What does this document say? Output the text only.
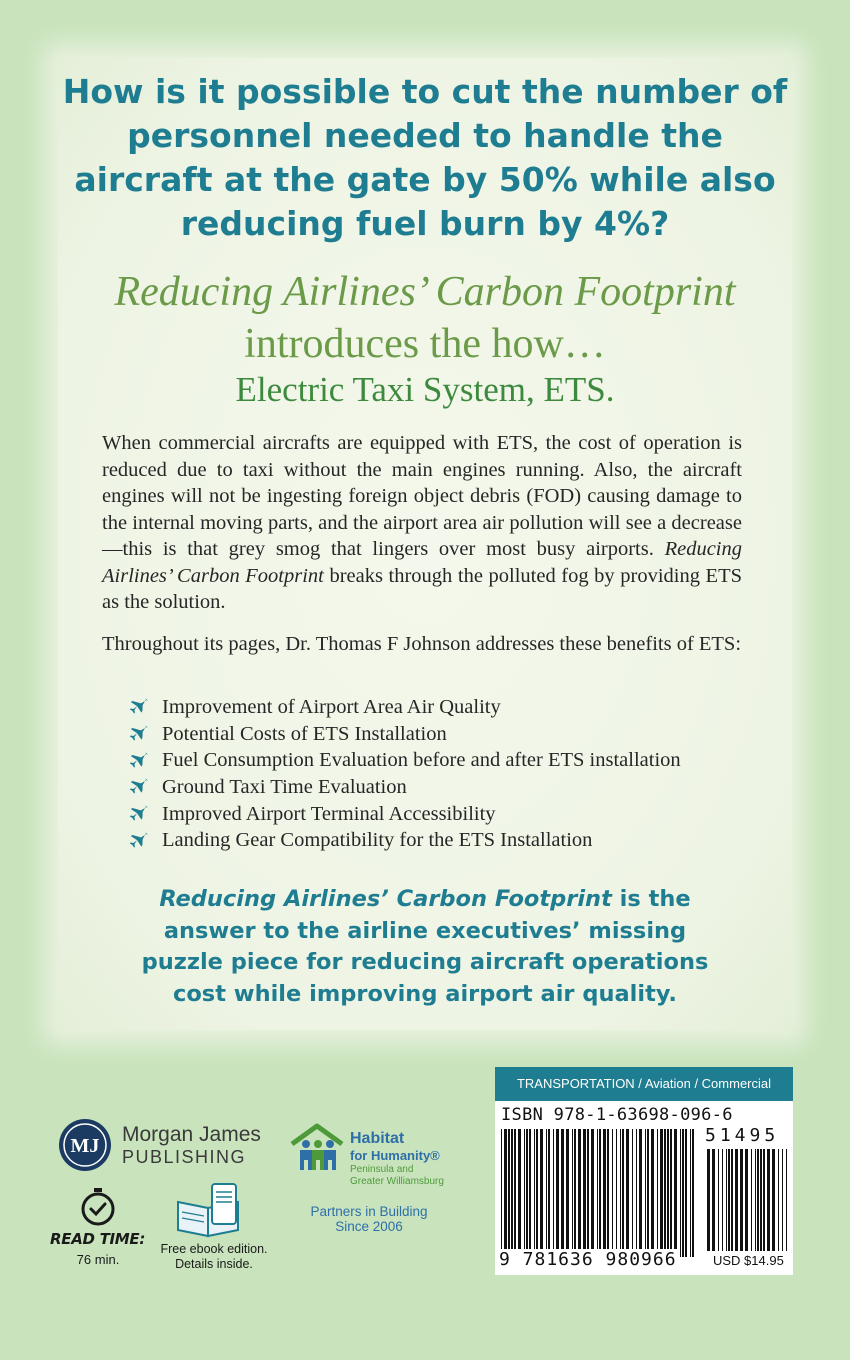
How is it possible to cut the number of personnel needed to handle the aircraft at the gate by 50% while also reducing fuel burn by 4%?
Reducing Airlines’ Carbon Footprint introduces the how…
Electric Taxi System, ETS.

When commercial aircrafts are equipped with ETS, the cost of operation is reduced due to taxi without the main engines running. Also, the aircraft engines will not be ingesting foreign object debris (FOD) causing damage to the internal moving parts, and the airport area air pollution will see a decrease—this is that grey smog that lingers over most busy airports. Reducing Airlines’ Carbon Footprint breaks through the polluted fog by providing ETS as the solution.

Throughout its pages, Dr. Thomas F Johnson addresses these benefits of ETS:

Improvement of Airport Area Air Quality
Potential Costs of ETS Installation
Fuel Consumption Evaluation before and after ETS installation
Ground Taxi Time Evaluation
Improved Airport Terminal Accessibility
Landing Gear Compatibility for the ETS Installation

Reducing Airlines’ Carbon Footprint is the answer to the airline executives’ missing puzzle piece for reducing aircraft operations cost while improving airport air quality.

MJ Morgan James
PUBLISHING
READ TIME:
76 min.
Free ebook edition.
Details inside.
Habitat
for Humanity®
Peninsula and
Greater Williamsburg
Partners in Building
Since 2006
TRANSPORTATION / Aviation / Commercial
ISBN 978-1-63698-096-6
51495
9 781636 980966	USD $14.95
